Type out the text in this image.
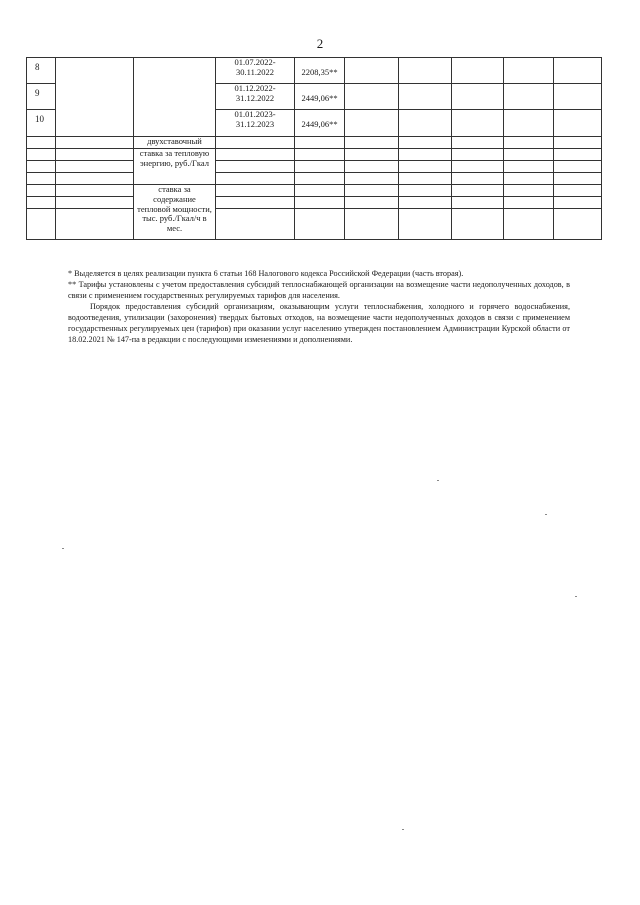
2
8			01.07.2022-
30.11.2022	2208,35**					
9			01.12.2022-
31.12.2022	2449,06**					
10			01.01.2023-
31.12.2023	2449,06**					
		двухставочный							
		ставка за тепловую энергию, руб./Гкал							

		ставка за содержание тепловой мощности, тыс. руб./Гкал/ч в мес.							

* Выделяется в целях реализации пункта 6 статьи 168 Налогового кодекса Российской Федерации (часть вторая).

** Тарифы установлены с учетом предоставления субсидий теплоснабжающей организации на возмещение части недополученных доходов, в связи с применением государственных регулируемых тарифов для населения.

Порядок предоставления субсидий организациям, оказывающим услуги теплоснабжения, холодного и горячего водоснабжения, водоотведения, утилизации (захоронения) твердых бытовых отходов, на возмещение части недополученных доходов в связи с применением государственных регулируемых цен (тарифов) при оказании услуг населению утвержден постановлением Администрации Курской области от 18.02.2021 № 147-па в редакции с последующими изменениями и дополнениями.
